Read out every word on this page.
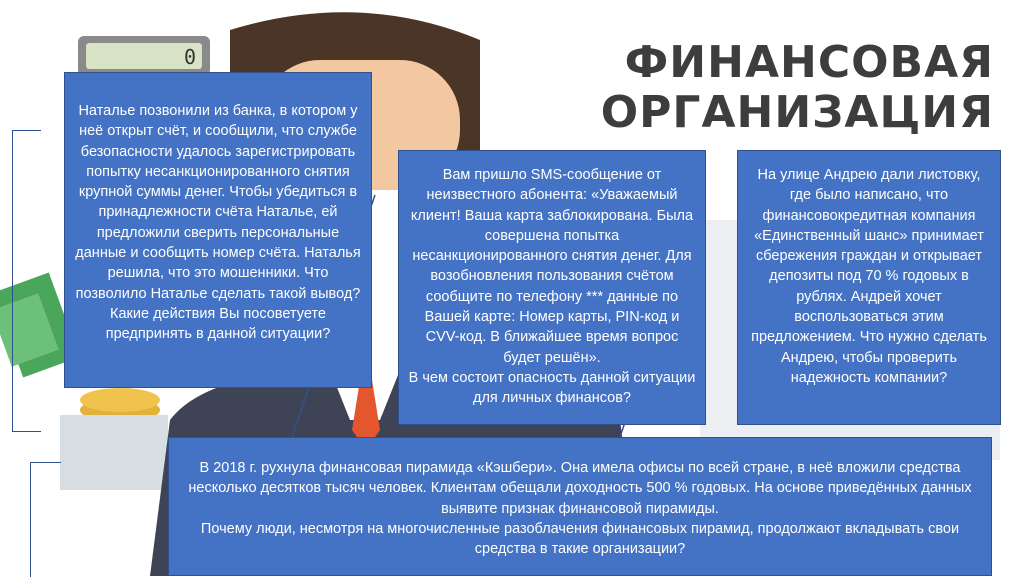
0	ФИНАНСОВАЯ
ОРГАНИЗАЦИЯ
Наталье позвонили из банка, в котором у неё открыт счёт, и сообщили, что службе безопасности удалось зарегистрировать попытку несанкционированного снятия крупной суммы денег. Чтобы убедиться в принадлежности счёта Наталье, ей предложили сверить персональные данные и сообщить номер счёта. Наталья решила, что это мошенники. Что позволило Наталье сделать такой вывод? Какие действия Вы посоветуете предпринять в данной ситуации?
Вам пришло SMS-сообщение от неизвестного абонента: «Уважаемый клиент! Ваша карта заблокирована. Была совершена попытка несанкционированного снятия денег. Для возобновления пользования счётом сообщите по телефону *** данные по Вашей карте: Номер карты, PIN-код и CVV-код. В ближайшее время вопрос будет решён».
В чем состоит опасность данной ситуации для личных финансов?
На улице Андрею дали листовку, где было написано, что финансовокредитная компания «Единственный шанс» принимает сбережения граждан и открывает депозиты под 70 % годовых в рублях. Андрей хочет воспользоваться этим предложением. Что нужно сделать Андрею, чтобы проверить надежность компании?
В 2018 г. рухнула финансовая пирамида «Кэшбери». Она имела офисы по всей стране, в неё вложили средства несколько десятков тысяч человек. Клиентам обещали доходность 500 % годовых. На основе приведённых данных выявите признак финансовой пирамиды.
Почему люди, несмотря на многочисленные разоблачения финансовых пирамид, продолжают вкладывать свои средства в такие организации?
